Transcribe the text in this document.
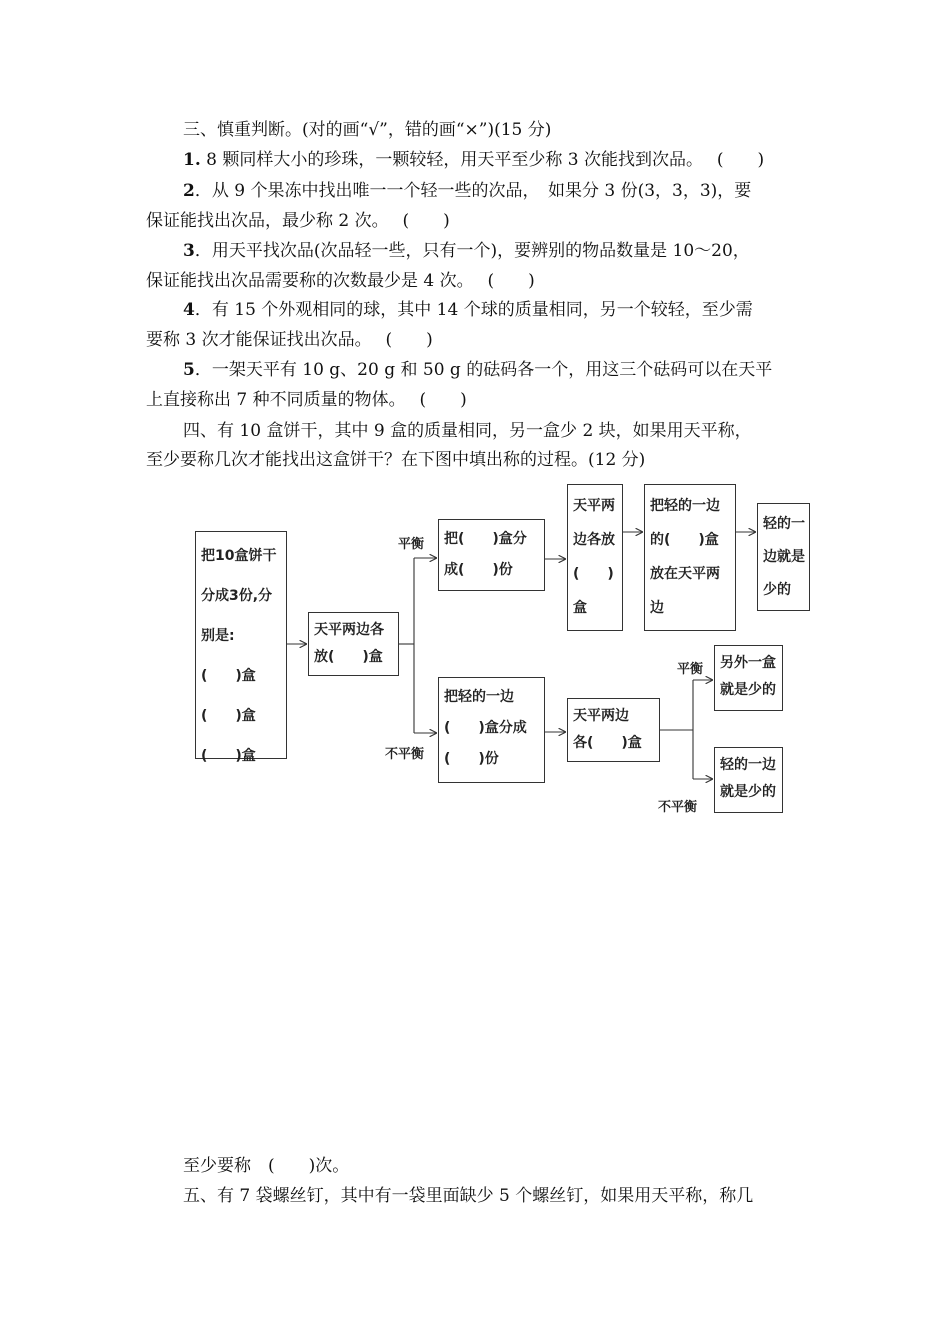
三、慎重判断。(对的画“√”，错的画“×”)(15 分)
1. 8 颗同样大小的珍珠，一颗较轻，用天平至少称 3 次能找到次品。　 (　　)
2．从 9 个果冻中找出唯一一个轻一些的次品，　如果分 3 份(3，3，3)，要
保证能找出次品，最少称 2 次。　 (　　)
3．用天平找次品(次品轻一些，只有一个)，要辨别的物品数量是 10～20，
保证能找出次品需要称的次数最少是 4 次。　 (　　)
4．有 15 个外观相同的球，其中 14 个球的质量相同，另一个较轻，至少需
要称 3 次才能保证找出次品。　 (　　)
5．一架天平有 10 g、20 g 和 50 g 的砝码各一个，用这三个砝码可以在天平
上直接称出 7 种不同质量的物体。　 (　　)
四、有 10 盒饼干，其中 9 盒的质量相同，另一盒少 2 块，如果用天平称，
至少要称几次才能找出这盒饼干？在下图中填出称的过程。(12 分)
把10盒饼干
分成3份,分
别是:
(　　)盒
(　　)盒
(　　)盒
天平两边各
放(　　)盒
平衡
不平衡
把(　　)盒分
成(　　)份
天平两
边各放
(　　)
盒
把轻的一边
的(　　)盒
放在天平两
边
轻的一
边就是
少的
把轻的一边
(　　)盒分成
(　　)份
天平两边
各(　　)盒
平衡
不平衡
另外一盒
就是少的
轻的一边
就是少的
至少要称　(　　)次。
五、有 7 袋螺丝钉，其中有一袋里面缺少 5 个螺丝钉，如果用天平称，称几
